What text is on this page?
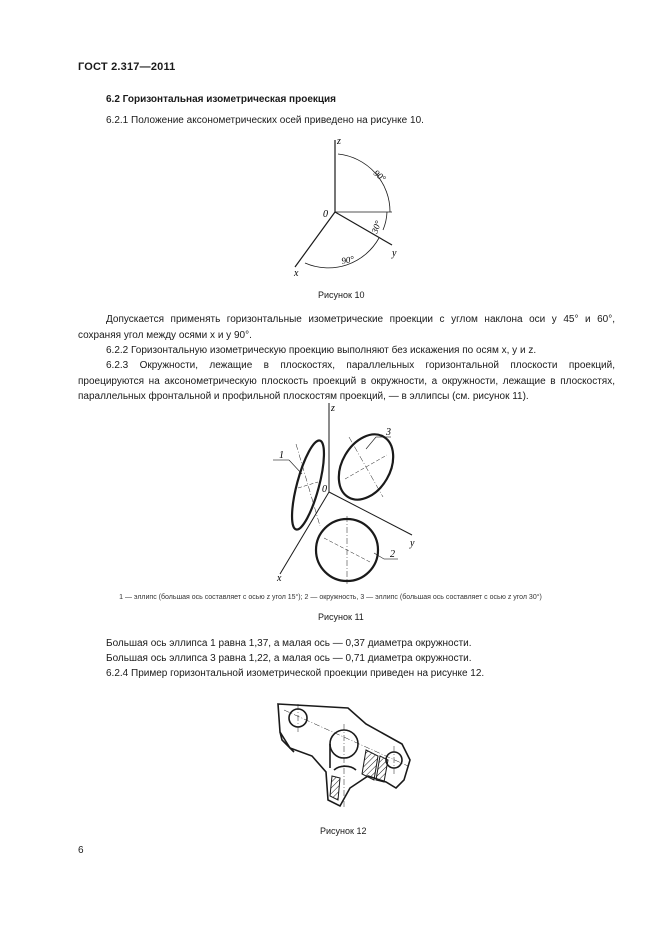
ГОСТ 2.317—2011
6.2 Горизонтальная изометрическая проекция
6.2.1 Положение аксонометрических осей приведено на рисунке 10.
z
0
x
y
90°
30°
90°
Рисунок 10
Допускается применять горизонтальные изометрические проекции с углом наклона оси y 45° и 60°, сохраняя угол между осями x и y 90°.
6.2.2 Горизонтальную изометрическую проекцию выполняют без искажения по осям x, y и z.
6.2.3 Окружности, лежащие в плоскостях, параллельных горизонтальной плоскости проекций, проецируются на аксонометрическую плоскость проекций в окружности, а окружности, лежащие в плоскостях, параллельных фронтальной и профильной плоскостям проекций, — в эллипсы (см. рисунок 11).
z
0
x
y
1
3
2
1 — эллипс (большая ось составляет с осью z угол 15°); 2 — окружность, 3 — эллипс (большая ось составляет с осью z угол 30°)
Рисунок 11
Большая ось эллипса 1 равна 1,37, а малая ось — 0,37 диаметра окружности.
Большая ось эллипса 3 равна 1,22, а малая ось — 0,71 диаметра окружности.
6.2.4 Пример горизонтальной изометрической проекции приведен на рисунке 12.
Рисунок 12
6
